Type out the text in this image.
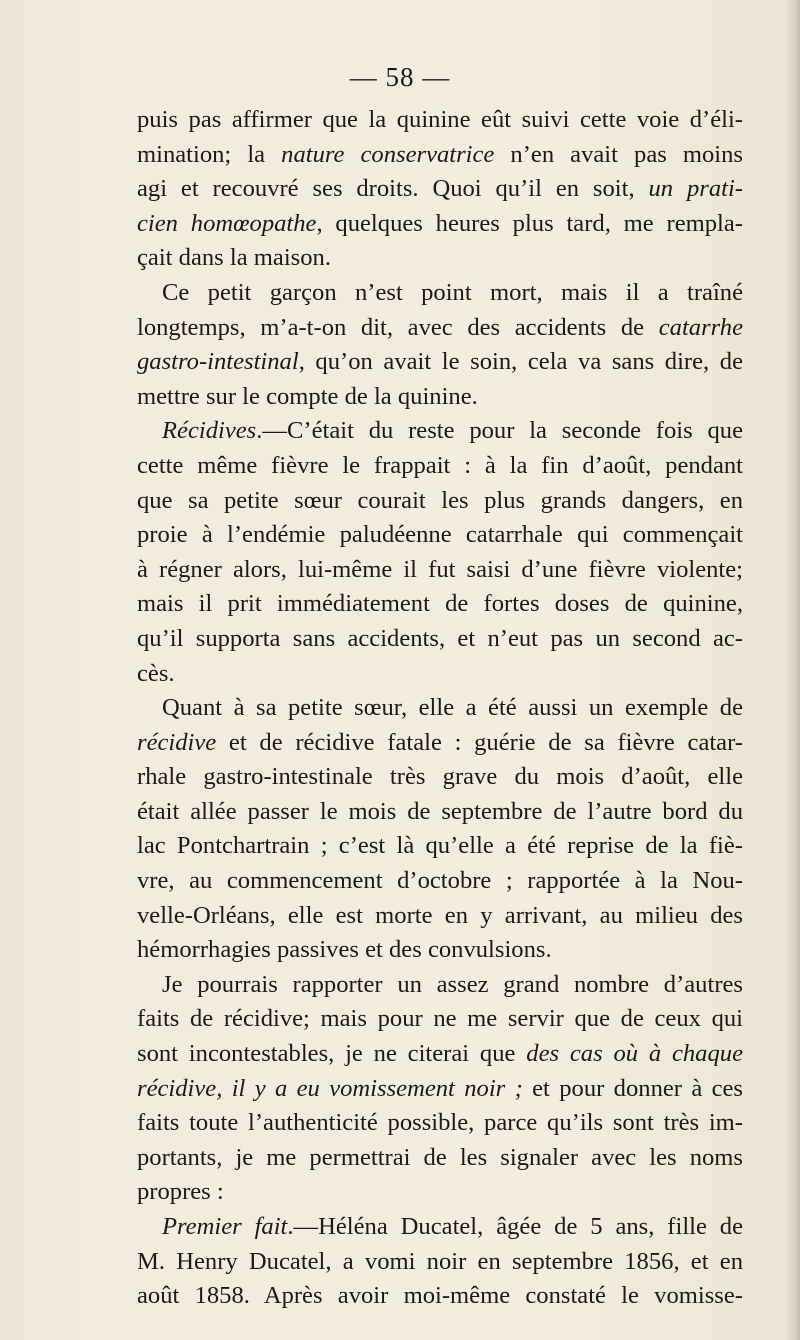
— 58 —
puis pas affirmer que la quinine eût suivi cette voie d’éli-
mination; la nature conservatrice n’en avait pas moins
agi et recouvré ses droits. Quoi qu’il en soit, un prati-
cien homœopathe, quelques heures plus tard, me rempla-
çait dans la maison.
Ce petit garçon n’est point mort, mais il a traîné
longtemps, m’a-t-on dit, avec des accidents de catarrhe
gastro-intestinal, qu’on avait le soin, cela va sans dire, de
mettre sur le compte de la quinine.
Récidives.—C’était du reste pour la seconde fois que
cette même fièvre le frappait : à la fin d’août, pendant
que sa petite sœur courait les plus grands dangers, en
proie à l’endémie paludéenne catarrhale qui commençait
à régner alors, lui-même il fut saisi d’une fièvre violente;
mais il prit immédiatement de fortes doses de quinine,
qu’il supporta sans accidents, et n’eut pas un second ac-
cès.
Quant à sa petite sœur, elle a été aussi un exemple de
récidive et de récidive fatale : guérie de sa fièvre catar-
rhale gastro-intestinale très grave du mois d’août, elle
était allée passer le mois de septembre de l’autre bord du
lac Pontchartrain ; c’est là qu’elle a été reprise de la fiè-
vre, au commencement d’octobre ; rapportée à la Nou-
velle-Orléans, elle est morte en y arrivant, au milieu des
hémorrhagies passives et des convulsions.
Je pourrais rapporter un assez grand nombre d’autres
faits de récidive; mais pour ne me servir que de ceux qui
sont incontestables, je ne citerai que des cas où à chaque
récidive, il y a eu vomissement noir ; et pour donner à ces
faits toute l’authenticité possible, parce qu’ils sont très im-
portants, je me permettrai de les signaler avec les noms
propres :
Premier fait.—Héléna Ducatel, âgée de 5 ans, fille de
M. Henry Ducatel, a vomi noir en septembre 1856, et en
août 1858. Après avoir moi-même constaté le vomisse-
